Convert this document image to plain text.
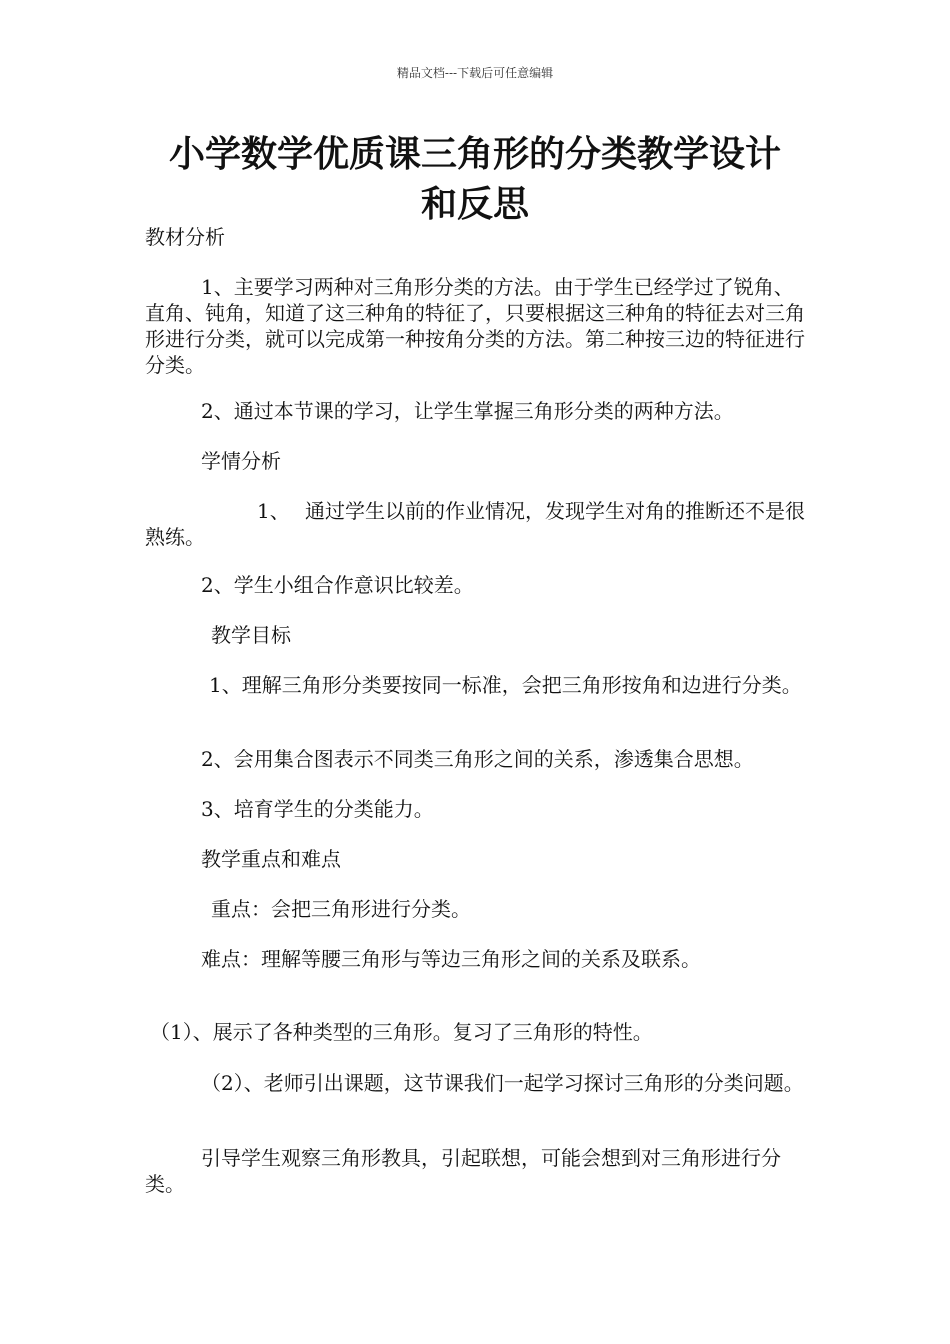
精品文档---下载后可任意编辑
小学数学优质课三角形的分类教学设计
和反思

教材分析

1、主要学习两种对三角形分类的方法。由于学生已经学过了锐角、直角、钝角，知道了这三种角的特征了，只要根据这三种角的特征去对三角形进行分类，就可以完成第一种按角分类的方法。第二种按三边的特征进行分类。

2、通过本节课的学习，让学生掌握三角形分类的两种方法。

学情分析

1、 通过学生以前的作业情况，发现学生对角的推断还不是很熟练。

2、学生小组合作意识比较差。

教学目标

1、理解三角形分类要按同一标准，会把三角形按角和边进行分类。

2、会用集合图表示不同类三角形之间的关系，渗透集合思想。

3、培育学生的分类能力。

教学重点和难点

重点：会把三角形进行分类。

难点：理解等腰三角形与等边三角形之间的关系及联系。

（1）、展示了各种类型的三角形。复习了三角形的特性。

（2）、老师引出课题，这节课我们一起学习探讨三角形的分类问题。

引导学生观察三角形教具，引起联想，可能会想到对三角形进行分类。
